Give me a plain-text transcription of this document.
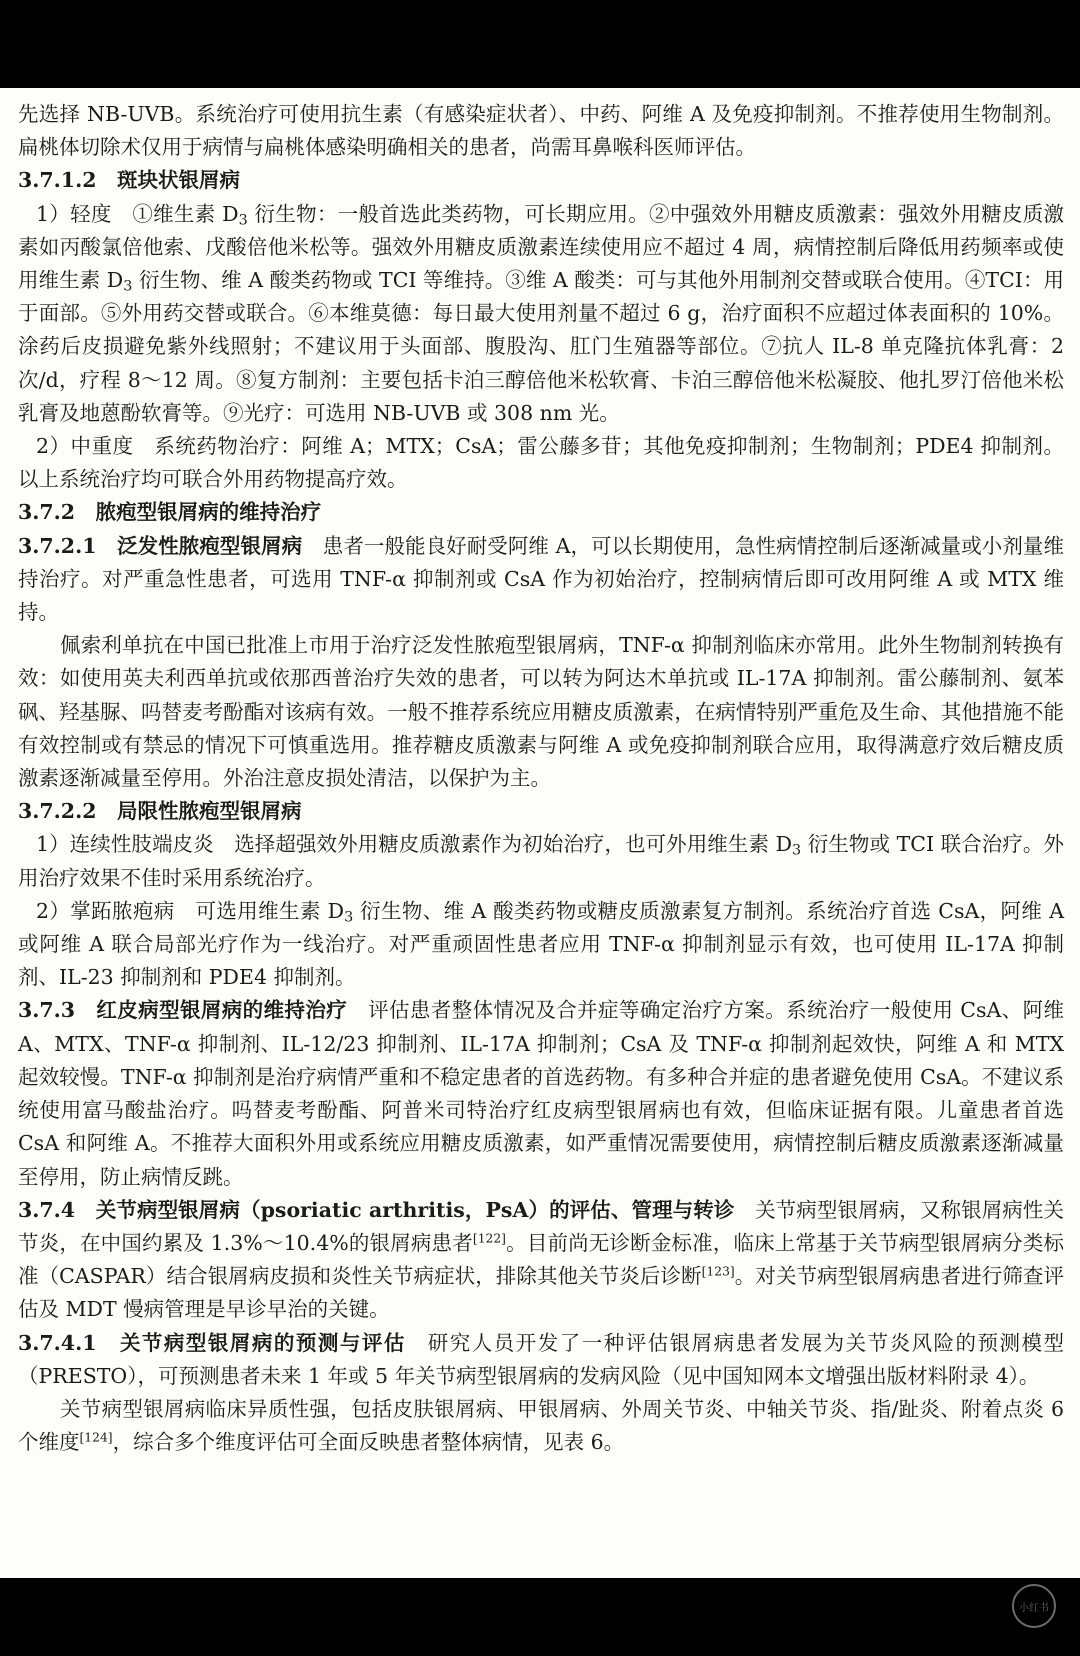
先选择 NB-UVB。系统治疗可使用抗生素（有感染症状者）、中药、阿维 A 及免疫抑制剂。不推荐使用生物制剂。扁桃体切除术仅用于病情与扁桃体感染明确相关的患者，尚需耳鼻喉科医师评估。

3.7.1.2　斑块状银屑病

1）轻度　①维生素 $D_3$ 衍生物：一般首选此类药物，可长期应用。②中强效外用糖皮质激素：强效外用糖皮质激素如丙酸氯倍他索、戊酸倍他米松等。强效外用糖皮质激素连续使用应不超过 4 周，病情控制后降低用药频率或使用维生素 $D_3$ 衍生物、维 A 酸类药物或 TCI 等维持。③维 A 酸类：可与其他外用制剂交替或联合使用。④TCI：用于面部。⑤外用药交替或联合。⑥本维莫德：每日最大使用剂量不超过 6 g，治疗面积不应超过体表面积的 10%。涂药后皮损避免紫外线照射；不建议用于头面部、腹股沟、肛门生殖器等部位。⑦抗人 IL-8 单克隆抗体乳膏：2 次/d，疗程 8～12 周。⑧复方制剂：主要包括卡泊三醇倍他米松软膏、卡泊三醇倍他米松凝胶、他扎罗汀倍他米松乳膏及地蒽酚软膏等。⑨光疗：可选用 NB-UVB 或 308 nm 光。

2）中重度　系统药物治疗：阿维 A；MTX；CsA；雷公藤多苷；其他免疫抑制剂；生物制剂；PDE4 抑制剂。以上系统治疗均可联合外用药物提高疗效。

3.7.2　脓疱型银屑病的维持治疗

3.7.2.1　泛发性脓疱型银屑病　患者一般能良好耐受阿维 A，可以长期使用，急性病情控制后逐渐减量或小剂量维持治疗。对严重急性患者，可选用 TNF-α 抑制剂或 CsA 作为初始治疗，控制病情后即可改用阿维 A 或 MTX 维持。

佩索利单抗在中国已批准上市用于治疗泛发性脓疱型银屑病，TNF-α 抑制剂临床亦常用。此外生物制剂转换有效：如使用英夫利西单抗或依那西普治疗失效的患者，可以转为阿达木单抗或 IL-17A 抑制剂。雷公藤制剂、氨苯砜、羟基脲、吗替麦考酚酯对该病有效。一般不推荐系统应用糖皮质激素，在病情特别严重危及生命、其他措施不能有效控制或有禁忌的情况下可慎重选用。推荐糖皮质激素与阿维 A 或免疫抑制剂联合应用，取得满意疗效后糖皮质激素逐渐减量至停用。外治注意皮损处清洁，以保护为主。

3.7.2.2　局限性脓疱型银屑病

1）连续性肢端皮炎　选择超强效外用糖皮质激素作为初始治疗，也可外用维生素 $D_3$ 衍生物或 TCI 联合治疗。外用治疗效果不佳时采用系统治疗。

2）掌跖脓疱病　可选用维生素 $D_3$ 衍生物、维 A 酸类药物或糖皮质激素复方制剂。系统治疗首选 CsA，阿维 A 或阿维 A 联合局部光疗作为一线治疗。对严重顽固性患者应用 TNF-α 抑制剂显示有效，也可使用 IL-17A 抑制剂、IL-23 抑制剂和 PDE4 抑制剂。

3.7.3　红皮病型银屑病的维持治疗　评估患者整体情况及合并症等确定治疗方案。系统治疗一般使用 CsA、阿维 A、MTX、TNF-α 抑制剂、IL-12/23 抑制剂、IL-17A 抑制剂；CsA 及 TNF-α 抑制剂起效快，阿维 A 和 MTX 起效较慢。TNF-α 抑制剂是治疗病情严重和不稳定患者的首选药物。有多种合并症的患者避免使用 CsA。不建议系统使用富马酸盐治疗。吗替麦考酚酯、阿普米司特治疗红皮病型银屑病也有效，但临床证据有限。儿童患者首选 CsA 和阿维 A。不推荐大面积外用或系统应用糖皮质激素，如严重情况需要使用，病情控制后糖皮质激素逐渐减量至停用，防止病情反跳。

3.7.4　关节病型银屑病（psoriatic arthritis，PsA）的评估、管理与转诊　关节病型银屑病，又称银屑病性关节炎，在中国约累及 1.3%～10.4%的银屑病患者[122]。目前尚无诊断金标准，临床上常基于关节病型银屑病分类标准（CASPAR）结合银屑病皮损和炎性关节病症状，排除其他关节炎后诊断[123]。对关节病型银屑病患者进行筛查评估及 MDT 慢病管理是早诊早治的关键。

3.7.4.1　关节病型银屑病的预测与评估　研究人员开发了一种评估银屑病患者发展为关节炎风险的预测模型（PRESTO），可预测患者未来 1 年或 5 年关节病型银屑病的发病风险（见中国知网本文增强出版材料附录 4）。

关节病型银屑病临床异质性强，包括皮肤银屑病、甲银屑病、外周关节炎、中轴关节炎、指/趾炎、附着点炎 6 个维度[124]，综合多个维度评估可全面反映患者整体病情，见表 6。

小红书
